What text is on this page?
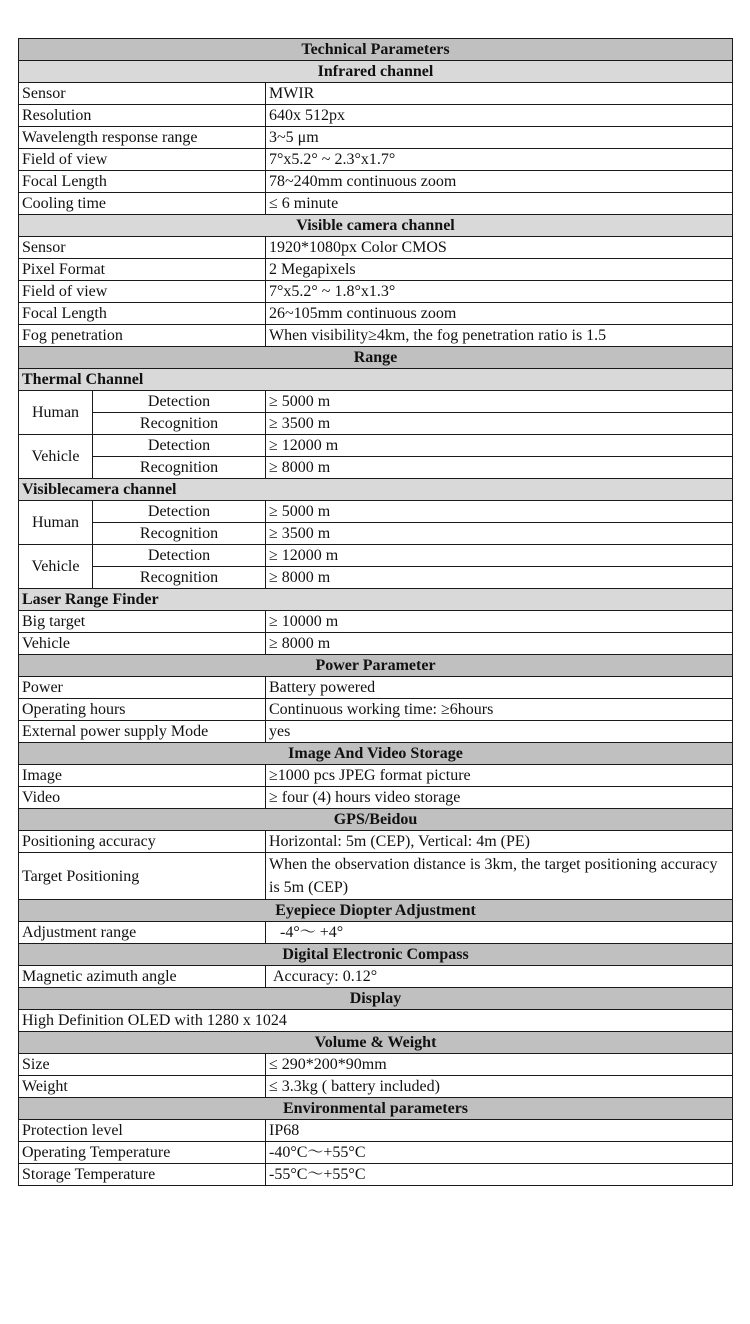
Technical Parameters		
Infrared channel		
Sensor		MWIR
Resolution		640x 512px
Wavelength response range		3~5 μm
Field of view		7°x5.2° ~ 2.3°x1.7°
Focal Length		78~240mm continuous zoom
Cooling time		≤ 6 minute
Visible camera channel		
Sensor		1920*1080px Color CMOS
Pixel Format		2 Megapixels
Field of view		7°x5.2° ~ 1.8°x1.3°
Focal Length		26~105mm continuous zoom
Fog penetration		When visibility≥4km, the fog penetration ratio is 1.5
Range		
Thermal Channel		
Human	Detection	≥ 5000 m
	Recognition	≥ 3500 m
Vehicle	Detection	≥ 12000 m
	Recognition	≥ 8000 m
Visiblecamera channel		
Human	Detection	≥ 5000 m
	Recognition	≥ 3500 m
Vehicle	Detection	≥ 12000 m
	Recognition	≥ 8000 m
Laser Range Finder		
Big target		≥ 10000 m
Vehicle		≥ 8000 m
Power Parameter		
Power		Battery powered
Operating hours		Continuous working time: ≥6hours
External power supply Mode		yes
Image And Video Storage		
Image		≥1000 pcs JPEG format picture
Video		≥ four (4) hours video storage
GPS/Beidou		
Positioning accuracy		Horizontal: 5m (CEP), Vertical: 4m (PE)
Target Positioning		When the observation distance is 3km, the target positioning accuracy is 5m (CEP)
Eyepiece Diopter Adjustment		
Adjustment range		-4°～ +4°
Digital Electronic Compass		
Magnetic azimuth angle		Accuracy: 0.12°
Display		
High Definition OLED with 1280 x 1024		
Volume & Weight		
Size		≤ 290*200*90mm
Weight		≤ 3.3kg ( battery included)
Environmental parameters		
Protection level		IP68
Operating Temperature		-40°C～+55°C
Storage Temperature		-55°C～+55°C
